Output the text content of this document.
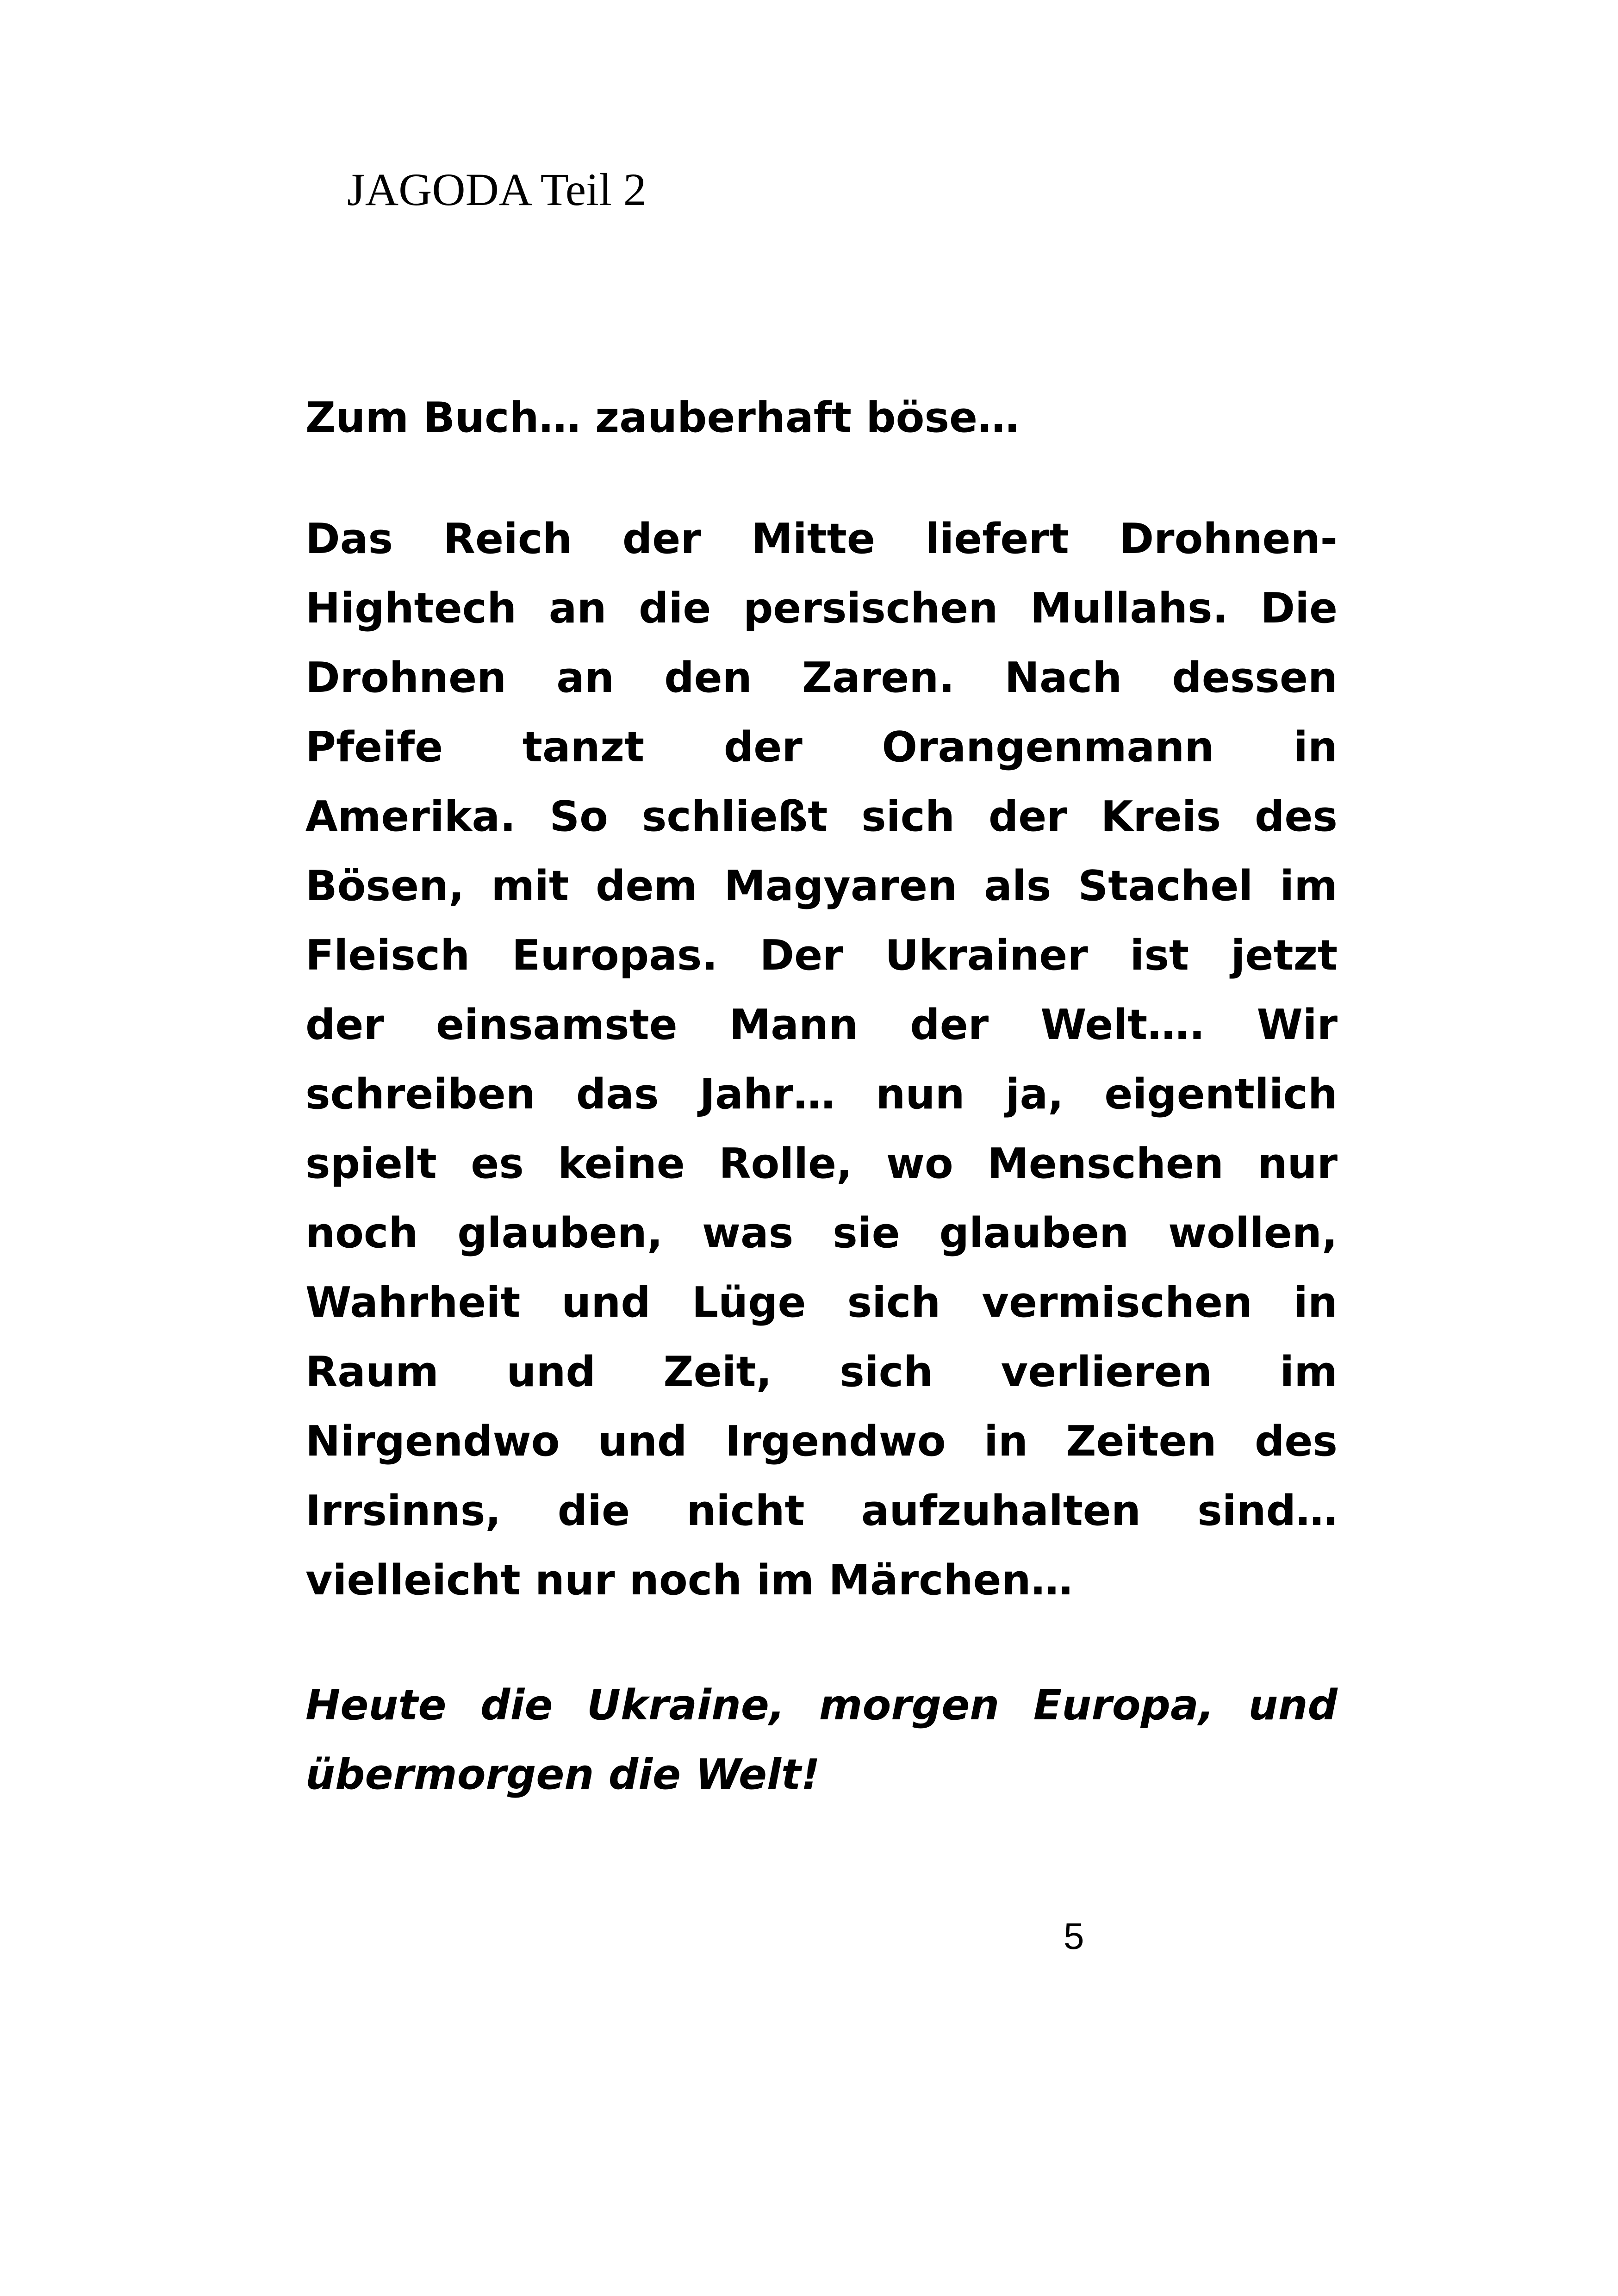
JAGODA Teil 2
Zum Buch… zauberhaft böse…
Das Reich der Mitte liefert Drohnen-
Hightech an die persischen Mullahs. Die
Drohnen an den Zaren. Nach dessen
Pfeife tanzt der Orangenmann in
Amerika. So schließt sich der Kreis des
Bösen, mit dem Magyaren als Stachel im
Fleisch Europas. Der Ukrainer ist jetzt
der einsamste Mann der Welt…. Wir
schreiben das Jahr… nun ja, eigentlich
spielt es keine Rolle, wo Menschen nur
noch glauben, was sie glauben wollen,
Wahrheit und Lüge sich vermischen in
Raum und Zeit, sich verlieren im
Nirgendwo und Irgendwo in Zeiten des
Irrsinns, die nicht aufzuhalten sind…
vielleicht nur noch im Märchen…
Heute die Ukraine, morgen Europa, und
übermorgen die Welt!
5
